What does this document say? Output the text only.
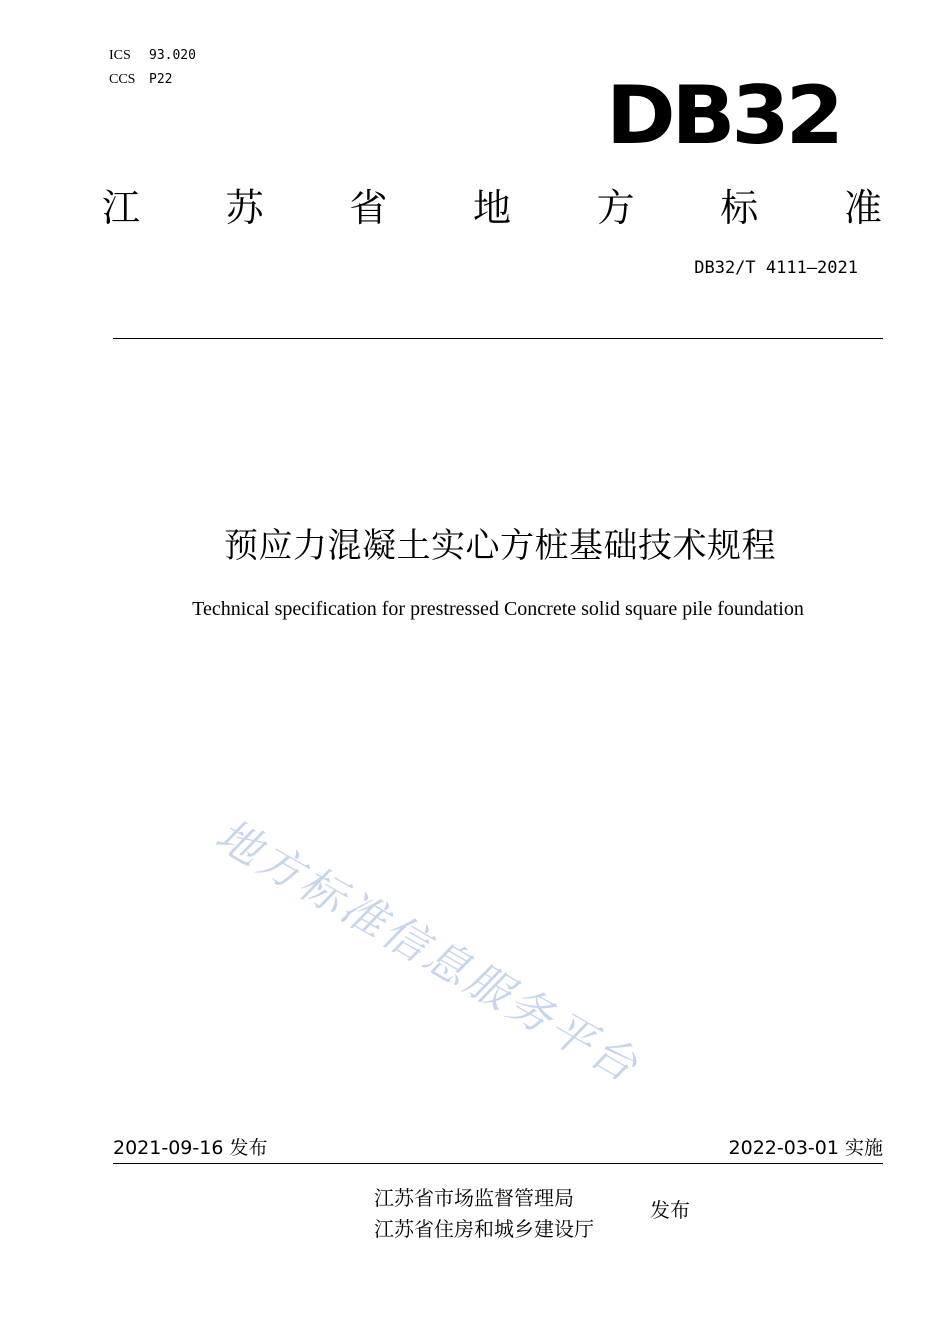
ICS	93.020
CCS	P22	DB32
江 苏 省 地 方 标 准
DB32/T 4111—2021
预应力混凝土实心方桩基础技术规程
Technical specification for prestressed Concrete solid square pile foundation
地方标准信息服务平台
2021-09-16 发布	2022-03-01 实施
江苏省市场监督管理局
江苏省住房和城乡建设厅
发布
